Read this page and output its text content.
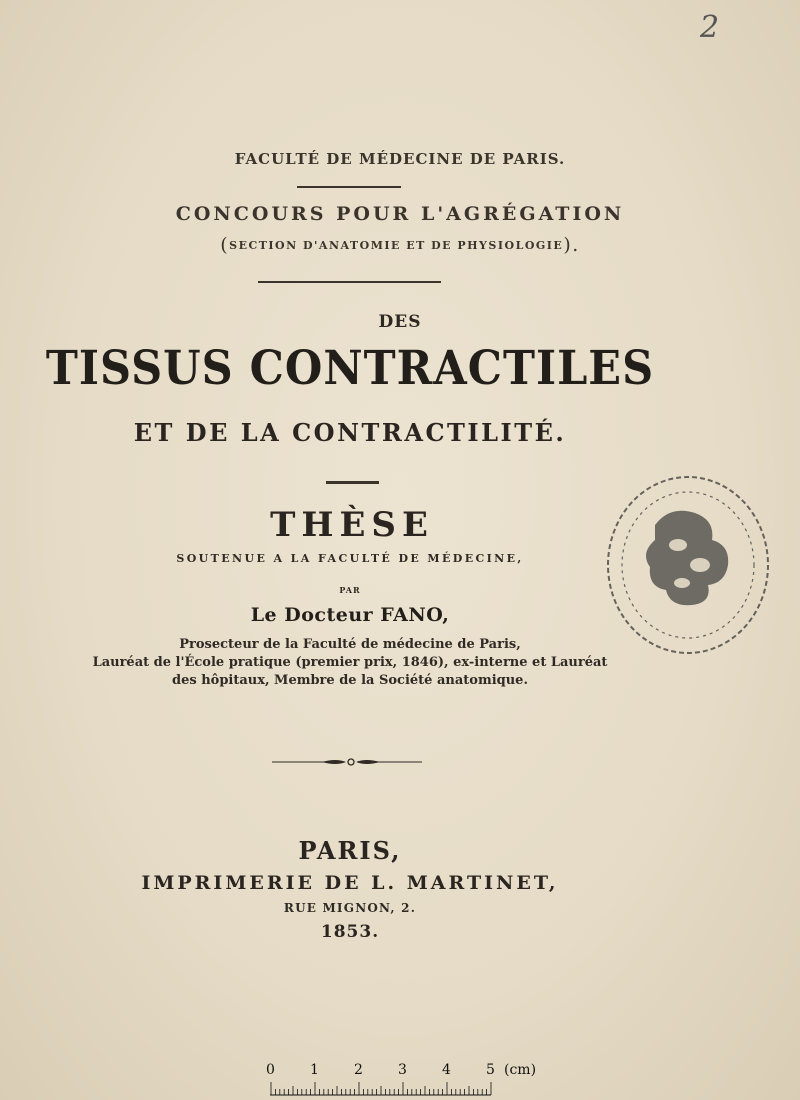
2
FACULTÉ DE MÉDECINE DE PARIS.
CONCOURS POUR L'AGRÉGATION
(SECTION D'ANATOMIE ET DE PHYSIOLOGIE).
DES
TISSUS CONTRACTILES
ET DE LA CONTRACTILITÉ.
THÈSE
SOUTENUE A LA FACULTÉ DE MÉDECINE,
PAR
Le Docteur FANO,
Prosecteur de la Faculté de médecine de Paris,
Lauréat de l'École pratique (premier prix, 1846), ex-interne et Lauréat
des hôpitaux, Membre de la Société anatomique.
PARIS,
IMPRIMERIE DE L. MARTINET,
RUE MIGNON, 2.
1853.
0	1	2	3	4	5 (cm)
